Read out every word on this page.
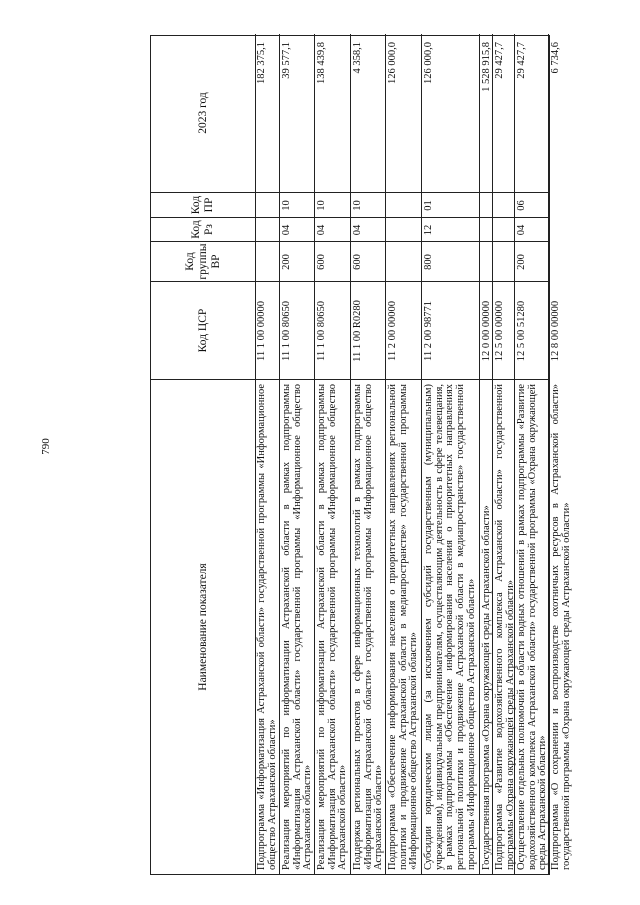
790
Наименование показателя
Код ЦСР
Код группы ВР
Код Рз
Код ПР
2023 год
Подпрограмма «Информатизация Астраханской области» государственной программы «Информационное общество Астраханской области»
11 1 00 00000
182 375,1
Реализация мероприятий по информатизации Астраханской области в рамках подпрограммы «Информатизация Астраханской области» государственной программы «Информационное общество Астраханской области»
11 1 00 80650
200
04
10
39 577,1
Реализация мероприятий по информатизации Астраханской области в рамках подпрограммы «Информатизация Астраханской области» государственной программы «Информационное общество Астраханской области»
11 1 00 80650
600
04
10
138 439,8
Поддержка региональных проектов в сфере информационных технологий в рамках подпрограммы «Информатизация Астраханской области» государственной программы «Информационное общество Астраханской области»
11 1 00 R0280
600
04
10
4 358,1
Подпрограмма «Обеспечение информирования населения о приоритетных направлениях региональной политики и продвижение Астраханской области в медиапространстве» государственной программы «Информационное общество Астраханской области»
11 2 00 00000
126 000,0
Субсидии юридическим лицам (за исключением субсидий государственным (муниципальным) учреждениям), индивидуальным предпринимателям, осуществляющим деятельность в сфере телевещания, в рамках подпрограммы «Обеспечение информирования населения о приоритетных направлениях региональной политики и продвижение Астраханской области в медиапространстве» государственной программы «Информационное общество Астраханской области»
11 2 00 98771
800
12
01
126 000,0
Государственная программа «Охрана окружающей среды Астраханской области»
12 0 00 00000
1 528 915,8
Подпрограмма «Развитие водохозяйственного комплекса Астраханской области» государственной программы «Охрана окружающей среды Астраханской области»
12 5 00 00000
29 427,7
Осуществление отдельных полномочий в области водных отношений в рамках подпрограммы «Развитие водохозяйственного комплекса Астраханской области» государственной программы «Охрана окружающей среды Астраханской области»
12 5 00 51280
200
04
06
29 427,7
Подпрограмма «О сохранении и воспроизводстве охотничьих ресурсов в Астраханской области» государственной программы «Охрана окружающей среды Астраханской области»
12 8 00 00000
6 734,6
